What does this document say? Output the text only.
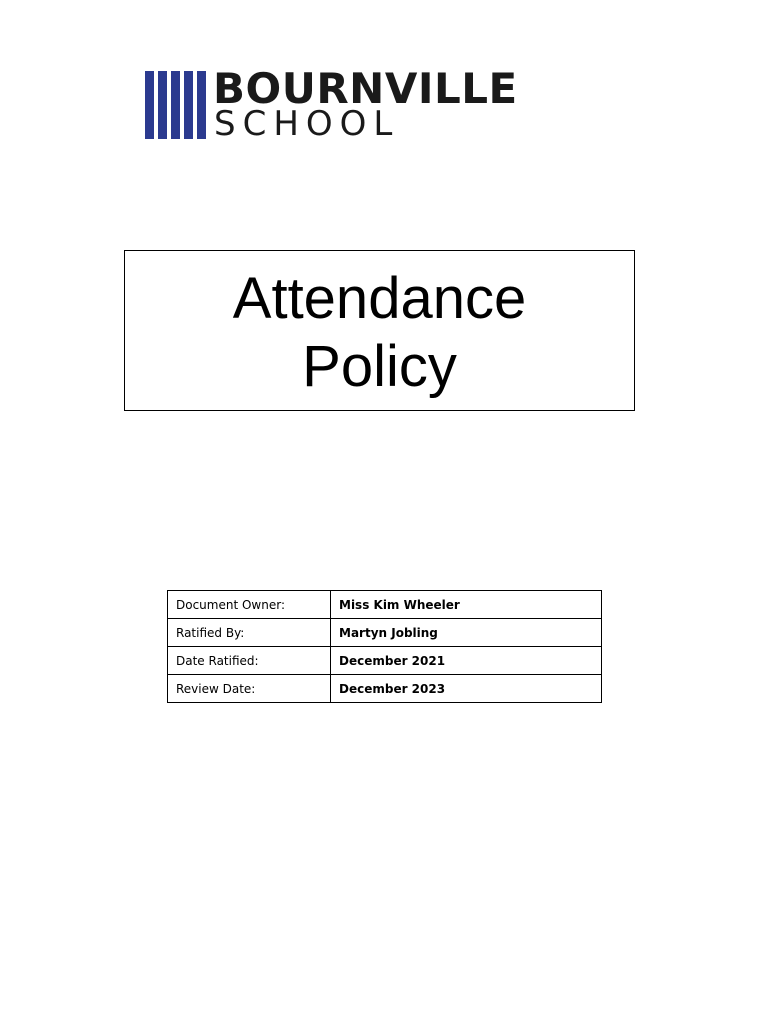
BOURNVILLE
SCHOOL
Attendance
Policy
Document Owner:	Miss Kim Wheeler
Ratified By:	Martyn Jobling
Date Ratified:	December 2021
Review Date:	December 2023
